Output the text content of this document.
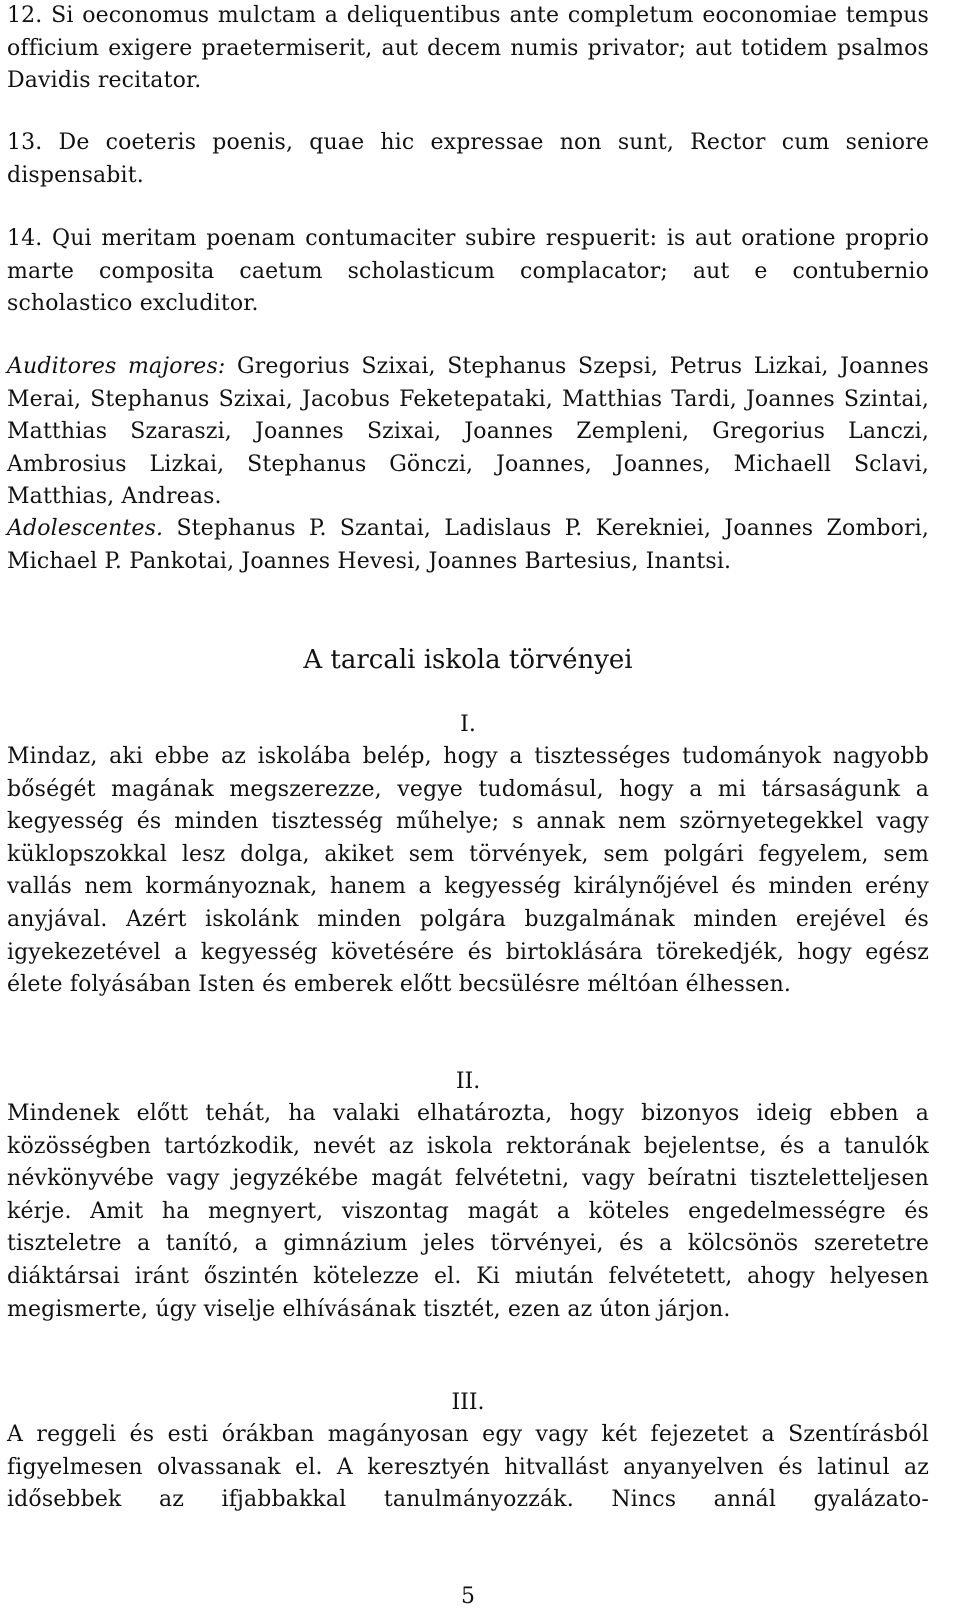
12. Si oeconomus mulctam a deliquentibus ante completum eoconomiae tempus officium exigere praetermiserit, aut decem numis privator; aut totidem psalmos Davidis recitator.

13. De coeteris poenis, quae hic expressae non sunt, Rector cum seniore dispensabit.

14. Qui meritam poenam contumaciter subire respuerit: is aut oratione proprio marte composita caetum scholasticum complacator; aut e contubernio scholastico excluditor.

Auditores majores: Gregorius Szixai, Stephanus Szepsi, Petrus Lizkai, Joannes Merai, Stephanus Szixai, Jacobus Feketepataki, Matthias Tardi, Joannes Szintai, Matthias Szaraszi, Joannes Szixai, Joannes Zempleni, Gregorius Lanczi, Ambrosius Lizkai, Stephanus Gönczi, Joannes, Joannes, Michaell Sclavi, Matthias, Andreas.

Adolescentes. Stephanus P. Szantai, Ladislaus P. Kerekniei, Joannes Zombori, Michael P. Pankotai, Joannes Hevesi, Joannes Bartesius, Inantsi.

A tarcali iskola törvényei

I.

Mindaz, aki ebbe az iskolába belép, hogy a tisztességes tudományok nagyobb bőségét magának megszerezze, vegye tudomásul, hogy a mi társaságunk a kegyesség és minden tisztesség műhelye; s annak nem szörnyetegekkel vagy küklopszokkal lesz dolga, akiket sem törvények, sem polgári fegyelem, sem vallás nem kormányoznak, hanem a kegyesség királynőjével és minden erény anyjával. Azért iskolánk minden polgára buzgalmának minden erejével és igyekezetével a kegyesség követésére és birtoklására törekedjék, hogy egész élete folyásában Isten és emberek előtt becsülésre méltóan élhessen.

II.

Mindenek előtt tehát, ha valaki elhatározta, hogy bizonyos ideig ebben a közösségben tartózkodik, nevét az iskola rektorának bejelentse, és a tanulók névkönyvébe vagy jegyzékébe magát felvétetni, vagy beíratni tiszteletteljesen kérje. Amit ha megnyert, viszontag magát a köteles engedelmességre és tiszteletre a tanító, a gimnázium jeles törvényei, és a kölcsönös szeretetre diáktársai iránt őszintén kötelezze el. Ki miután felvétetett, ahogy helyesen megismerte, úgy viselje elhívásának tisztét, ezen az úton járjon.

III.

A reggeli és esti órákban magányosan egy vagy két fejezetet a Szentírásból figyelmesen olvassanak el. A keresztyén hitvallást anyanyelven és latinul az idősebbek az ifjabbakkal tanulmányozzák. Nincs annál gyalázato-

5
